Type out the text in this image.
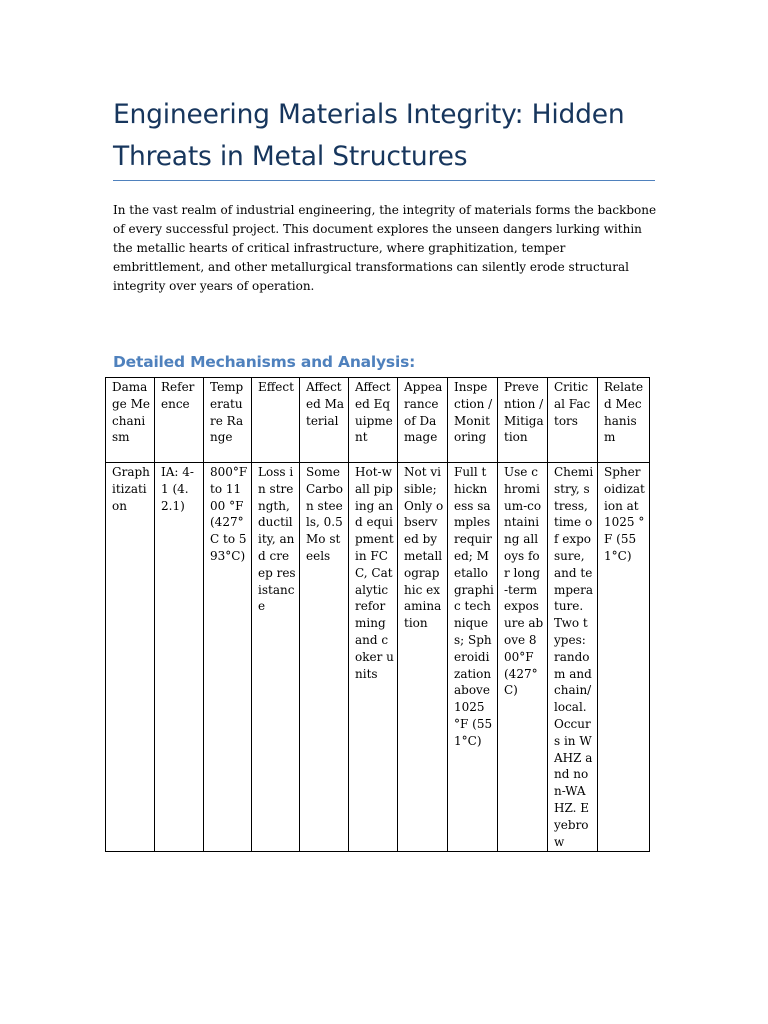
Engineering Materials Integrity: Hidden Threats in Metal Structures

In the vast realm of industrial engineering, the integrity of materials forms the backbone of every successful project. This document explores the unseen dangers lurking within the metallic hearts of critical infrastructure, where graphitization, temper embrittlement, and other metallurgical transformations can silently erode structural integrity over years of operation.

Detailed Mechanisms and Analysis:
Damage Mechanism	Reference	Temperature Range	Effect	Affected Material	Affected Equipment	Appearance of Damage	Inspection / Monitoring	Prevention / Mitigation	Critical Factors	Related Mechanism
Graphitization	IA: 4-1 (4.2.1)	800°F to 1100 °F (427°C to 593°C)	Loss in strength, ductility, and creep resistance	Some Carbon steels, 0.5Mo steels	Hot-wall piping and equipment in FCC, Catalytic reforming and coker units	Not visible; Only observed by metallographic examination	Full thickness samples required; Metallographic techniques; Spheroidization above 1025 °F (551°C)	Use chromium-containing alloys for long-term exposure above 800°F (427°C)	Chemistry, stress, time of exposure, and temperature. Two types: random and chain/local. Occurs in WAHZ and non-WAHZ. Eyebrow	Spheroidization at 1025 °F (551°C)
